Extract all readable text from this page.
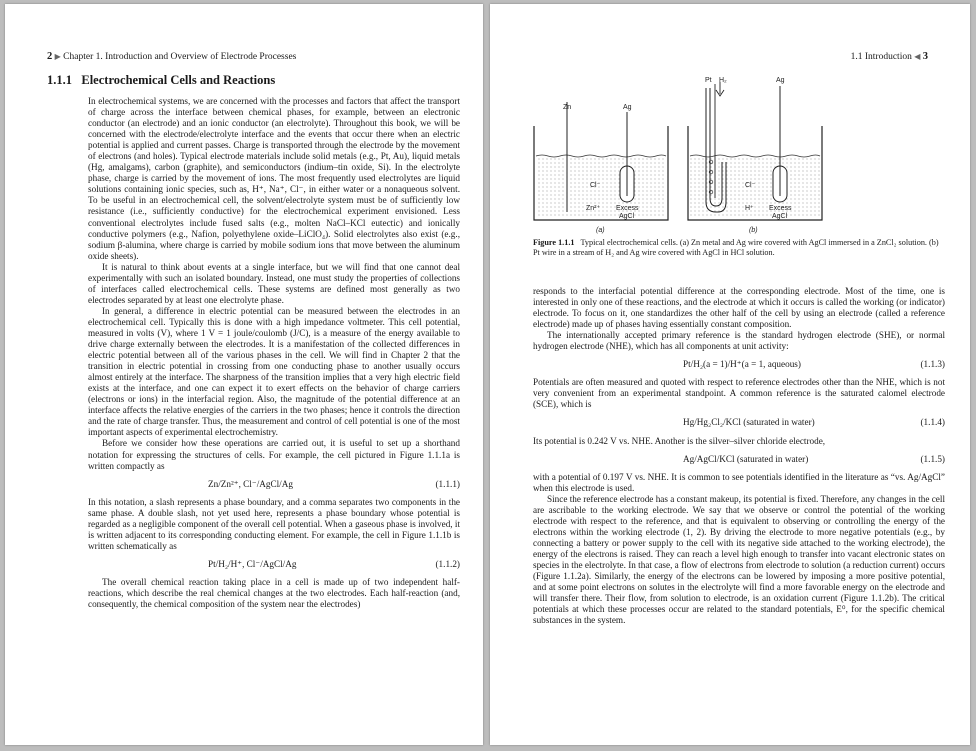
2 ▶ Chapter 1. Introduction and Overview of Electrode Processes
1.1.1 Electrochemical Cells and Reactions

In electrochemical systems, we are concerned with the processes and factors that affect the transport of charge across the interface between chemical phases, for example, between an electronic conductor (an electrode) and an ionic conductor (an electrolyte). Throughout this book, we will be concerned with the electrode/electrolyte interface and the events that occur there when an electric potential is applied and current passes. Charge is transported through the electrode by the movement of electrons (and holes). Typical electrode materials include solid metals (e.g., Pt, Au), liquid metals (Hg, amalgams), carbon (graphite), and semiconductors (indium–tin oxide, Si). In the electrolyte phase, charge is carried by the movement of ions. The most frequently used electrolytes are liquid solutions containing ionic species, such as, H⁺, Na⁺, Cl⁻, in either water or a nonaqueous solvent. To be useful in an electrochemical cell, the solvent/electrolyte system must be of sufficiently low resistance (i.e., sufficiently conductive) for the electrochemical experiment envisioned. Less conventional electrolytes include fused salts (e.g., molten NaCl–KCl eutectic) and ionically conductive polymers (e.g., Nafion, polyethylene oxide–LiClO₄). Solid electrolytes also exist (e.g., sodium β-alumina, where charge is carried by mobile sodium ions that move between the aluminum oxide sheets).

It is natural to think about events at a single interface, but we will find that one cannot deal experimentally with such an isolated boundary. Instead, one must study the properties of collections of interfaces called electrochemical cells. These systems are defined most generally as two electrodes separated by at least one electrolyte phase.

In general, a difference in electric potential can be measured between the electrodes in an electrochemical cell. Typically this is done with a high impedance voltmeter. This cell potential, measured in volts (V), where 1 V = 1 joule/coulomb (J/C), is a measure of the energy available to drive charge externally between the electrodes. It is a manifestation of the collected differences in electric potential between all of the various phases in the cell. We will find in Chapter 2 that the transition in electric potential in crossing from one conducting phase to another usually occurs almost entirely at the interface. The sharpness of the transition implies that a very high electric field exists at the interface, and one can expect it to exert effects on the behavior of charge carriers (electrons or ions) in the interfacial region. Also, the magnitude of the potential difference at an interface affects the relative energies of the carriers in the two phases; hence it controls the direction and the rate of charge transfer. Thus, the measurement and control of cell potential is one of the most important aspects of experimental electrochemistry.

Before we consider how these operations are carried out, it is useful to set up a shorthand notation for expressing the structures of cells. For example, the cell pictured in Figure 1.1.1a is written compactly as

Zn/Zn²⁺, Cl⁻/AgCl/Ag	(1.1.1)

In this notation, a slash represents a phase boundary, and a comma separates two components in the same phase. A double slash, not yet used here, represents a phase boundary whose potential is regarded as a negligible component of the overall cell potential. When a gaseous phase is involved, it is written adjacent to its corresponding conducting element. For example, the cell in Figure 1.1.1b is written schematically as

Pt/H₂/H⁺, Cl⁻/AgCl/Ag	(1.1.2)

The overall chemical reaction taking place in a cell is made up of two independent half-reactions, which describe the real chemical changes at the two electrodes. Each half-reaction (and, consequently, the chemical composition of the system near the electrodes)

1.1 Introduction ◀ 3
Zn	Ag
Cl⁻
Zn²⁺ Excess
AgCl
(a)
Pt H₂	Ag
Cl⁻
H⁺ Excess
AgCl
(b)
Figure 1.1.1 Typical electrochemical cells. (a) Zn metal and Ag wire covered with AgCl immersed in a ZnCl₂ solution. (b) Pt wire in a stream of H₂ and Ag wire covered with AgCl in HCl solution.

responds to the interfacial potential difference at the corresponding electrode. Most of the time, one is interested in only one of these reactions, and the electrode at which it occurs is called the working (or indicator) electrode. To focus on it, one standardizes the other half of the cell by using an electrode (called a reference electrode) made up of phases having essentially constant composition.

The internationally accepted primary reference is the standard hydrogen electrode (SHE), or normal hydrogen electrode (NHE), which has all components at unit activity:

Pt/H₂(a = 1)/H⁺(a = 1, aqueous)	(1.1.3)

Potentials are often measured and quoted with respect to reference electrodes other than the NHE, which is not very convenient from an experimental standpoint. A common reference is the saturated calomel electrode (SCE), which is

Hg/Hg₂Cl₂/KCl (saturated in water)	(1.1.4)

Its potential is 0.242 V vs. NHE. Another is the silver–silver chloride electrode,

Ag/AgCl/KCl (saturated in water)	(1.1.5)

with a potential of 0.197 V vs. NHE. It is common to see potentials identified in the literature as “vs. Ag/AgCl” when this electrode is used.

Since the reference electrode has a constant makeup, its potential is fixed. Therefore, any changes in the cell are ascribable to the working electrode. We say that we observe or control the potential of the working electrode with respect to the reference, and that is equivalent to observing or controlling the energy of the electrons within the working electrode (1, 2). By driving the electrode to more negative potentials (e.g., by connecting a battery or power supply to the cell with its negative side attached to the working electrode), the energy of the electrons is raised. They can reach a level high enough to transfer into vacant electronic states on species in the electrolyte. In that case, a flow of electrons from electrode to solution (a reduction current) occurs (Figure 1.1.2a). Similarly, the energy of the electrons can be lowered by imposing a more positive potential, and at some point electrons on solutes in the electrolyte will find a more favorable energy on the electrode and will transfer there. Their flow, from solution to electrode, is an oxidation current (Figure 1.1.2b). The critical potentials at which these processes occur are related to the standard potentials, E⁰, for the specific chemical substances in the system.
